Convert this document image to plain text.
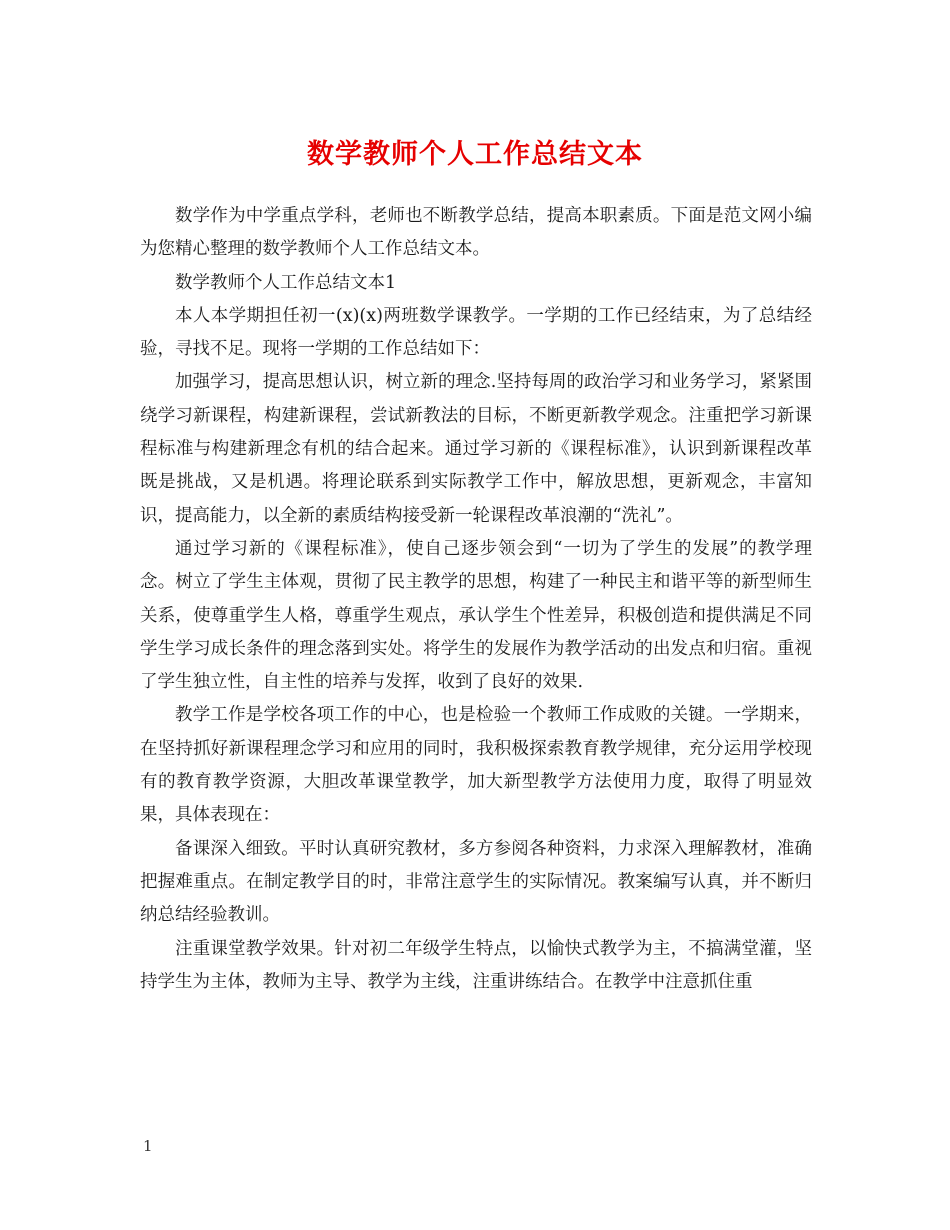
数学教师个人工作总结文本

数学作为中学重点学科，老师也不断教学总结，提高本职素质。下面是范文网小编为您精心整理的数学教师个人工作总结文本。

数学教师个人工作总结文本1

本人本学期担任初一(x)(x)两班数学课教学。一学期的工作已经结束，为了总结经验，寻找不足。现将一学期的工作总结如下：

加强学习，提高思想认识，树立新的理念.坚持每周的政治学习和业务学习，紧紧围绕学习新课程，构建新课程，尝试新教法的目标，不断更新教学观念。注重把学习新课程标准与构建新理念有机的结合起来。通过学习新的《课程标准》，认识到新课程改革既是挑战，又是机遇。将理论联系到实际教学工作中，解放思想，更新观念，丰富知识，提高能力，以全新的素质结构接受新一轮课程改革浪潮的“洗礼”。

通过学习新的《课程标准》，使自己逐步领会到“一切为了学生的发展”的教学理念。树立了学生主体观，贯彻了民主教学的思想，构建了一种民主和谐平等的新型师生关系，使尊重学生人格，尊重学生观点，承认学生个性差异，积极创造和提供满足不同学生学习成长条件的理念落到实处。将学生的发展作为教学活动的出发点和归宿。重视了学生独立性，自主性的培养与发挥，收到了良好的效果.

教学工作是学校各项工作的中心，也是检验一个教师工作成败的关键。一学期来，在坚持抓好新课程理念学习和应用的同时，我积极探索教育教学规律，充分运用学校现有的教育教学资源，大胆改革课堂教学，加大新型教学方法使用力度，取得了明显效果，具体表现在：

备课深入细致。平时认真研究教材，多方参阅各种资料，力求深入理解教材，准确把握难重点。在制定教学目的时，非常注意学生的实际情况。教案编写认真，并不断归纳总结经验教训。

注重课堂教学效果。针对初二年级学生特点，以愉快式教学为主，不搞满堂灌，坚持学生为主体，教师为主导、教学为主线，注重讲练结合。在教学中注意抓住重

1
